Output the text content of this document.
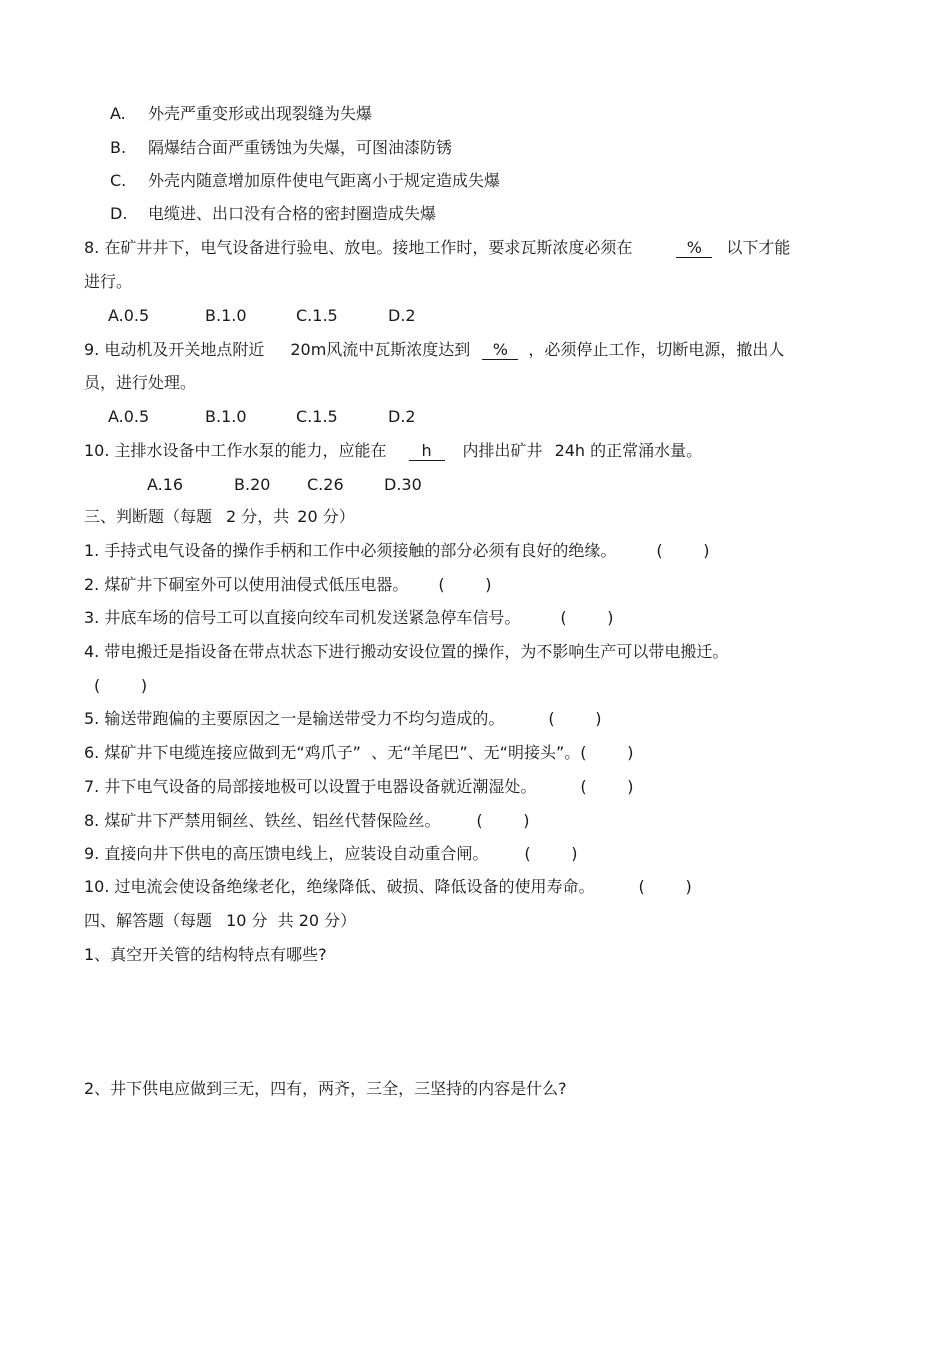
A. 外壳严重变形或出现裂缝为失爆
B. 隔爆结合面严重锈蚀为失爆，可图油漆防锈
C. 外壳内随意增加原件使电气距离小于规定造成失爆
D. 电缆进、出口没有合格的密封圈造成失爆
8. 在矿井井下，电气设备进行验电、放电。接地工作时，要求瓦斯浓度必须在	% 以下才能
进行。
A.0.5	B.1.0	C.1.5	D.2
9. 电动机及开关地点附近 20m风流中瓦斯浓度达到 % ，必须停止工作，切断电源，撤出人
员，进行处理。
A.0.5	B.1.0	C.1.5	D.2
10. 主排水设备中工作水泵的能力，应能在 h 内排出矿井 24h 的正常涌水量。
A.16	B.20 C.26	D.30
三、判断题（每题 2 分，共 20 分）
1. 手持式电气设备的操作手柄和工作中必须接触的部分必须有良好的绝缘。	(        )
2. 煤矿井下硐室外可以使用油侵式低压电器。 (        )
3. 井底车场的信号工可以直接向绞车司机发送紧急停车信号。	(        )
4. 带电搬迁是指设备在带点状态下进行搬动安设位置的操作，为不影响生产可以带电搬迁。
(        )
5. 输送带跑偏的主要原因之一是输送带受力不均匀造成的。	(        )
6. 煤矿井下电缆连接应做到无“鸡爪子”  、无“羊尾巴”、无“明接头”。(        )
7. 井下电气设备的局部接地极可以设置于电器设备就近潮湿处。	(        )
8. 煤矿井下严禁用铜丝、铁丝、铝丝代替保险丝。 (        )
9. 直接向井下供电的高压馈电线上，应装设自动重合闸。 (        )
10. 过电流会使设备绝缘老化，绝缘降低、破损、降低设备的使用寿命。	(        )
四、解答题（每题 10 分  共 20 分）
1、真空开关管的结构特点有哪些?
2、井下供电应做到三无，四有，两齐，三全，三坚持的内容是什么?
